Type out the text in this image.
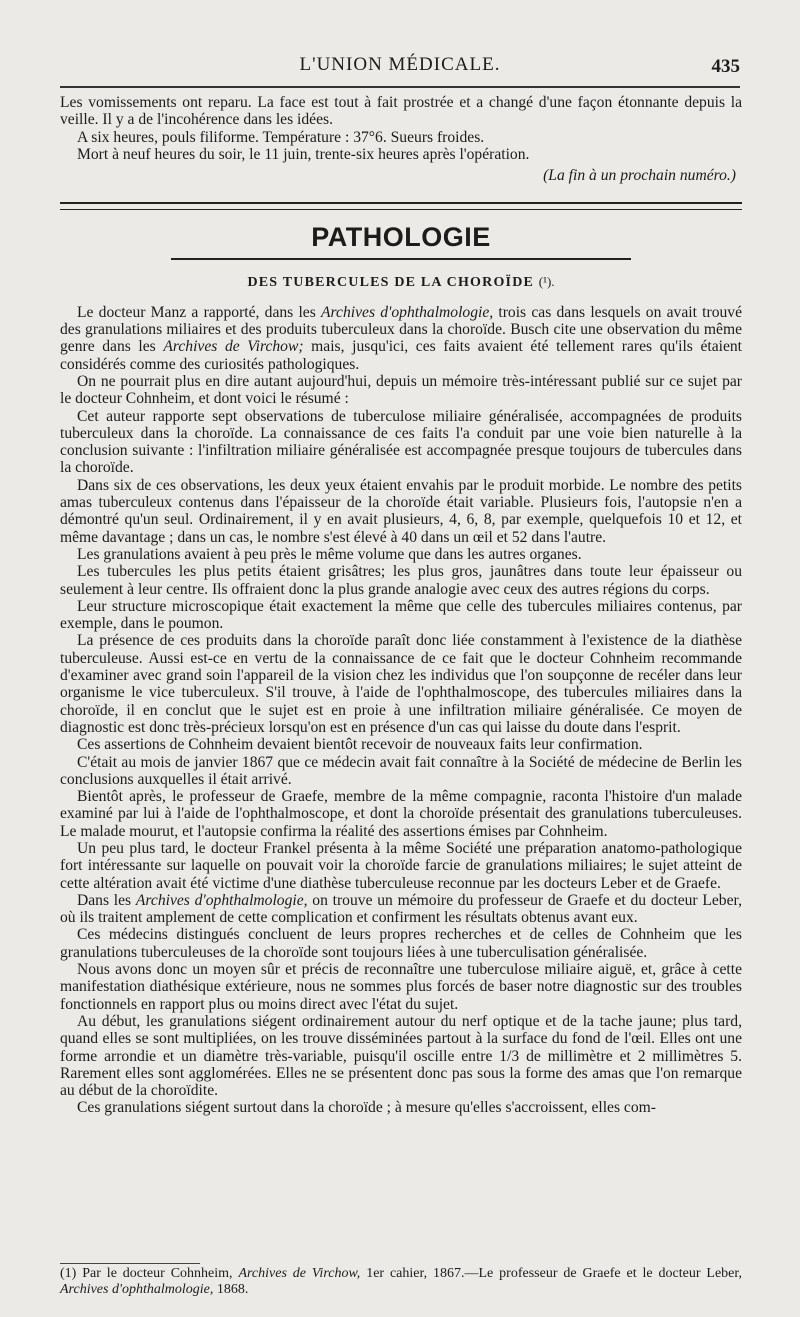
L'UNION MÉDICALE.	435

Les vomissements ont reparu. La face est tout à fait prostrée et a changé d'une façon étonnante depuis la veille. Il y a de l'incohérence dans les idées.

A six heures, pouls filiforme. Température : 37°6. Sueurs froides.

Mort à neuf heures du soir, le 11 juin, trente-six heures après l'opération.

(La fin à un prochain numéro.)
PATHOLOGIE
DES TUBERCULES DE LA CHOROÏDE (¹).

Le docteur Manz a rapporté, dans les Archives d'ophthalmologie, trois cas dans lesquels on avait trouvé des granulations miliaires et des produits tuberculeux dans la choroïde. Busch cite une observation du même genre dans les Archives de Virchow; mais, jusqu'ici, ces faits avaient été tellement rares qu'ils étaient considérés comme des curiosités pathologiques.

On ne pourrait plus en dire autant aujourd'hui, depuis un mémoire très-intéressant publié sur ce sujet par le docteur Cohnheim, et dont voici le résumé :

Cet auteur rapporte sept observations de tuberculose miliaire généralisée, accompagnées de produits tuberculeux dans la choroïde. La connaissance de ces faits l'a conduit par une voie bien naturelle à la conclusion suivante : l'infiltration miliaire généralisée est accompagnée presque toujours de tubercules dans la choroïde.

Dans six de ces observations, les deux yeux étaient envahis par le produit morbide. Le nombre des petits amas tuberculeux contenus dans l'épaisseur de la choroïde était variable. Plusieurs fois, l'autopsie n'en a démontré qu'un seul. Ordinairement, il y en avait plusieurs, 4, 6, 8, par exemple, quelquefois 10 et 12, et même davantage ; dans un cas, le nombre s'est élevé à 40 dans un œil et 52 dans l'autre.

Les granulations avaient à peu près le même volume que dans les autres organes.

Les tubercules les plus petits étaient grisâtres; les plus gros, jaunâtres dans toute leur épaisseur ou seulement à leur centre. Ils offraient donc la plus grande analogie avec ceux des autres régions du corps.

Leur structure microscopique était exactement la même que celle des tubercules miliaires contenus, par exemple, dans le poumon.

La présence de ces produits dans la choroïde paraît donc liée constamment à l'existence de la diathèse tuberculeuse. Aussi est-ce en vertu de la connaissance de ce fait que le docteur Cohnheim recommande d'examiner avec grand soin l'appareil de la vision chez les individus que l'on soupçonne de recéler dans leur organisme le vice tuberculeux. S'il trouve, à l'aide de l'ophthalmoscope, des tubercules miliaires dans la choroïde, il en conclut que le sujet est en proie à une infiltration miliaire généralisée. Ce moyen de diagnostic est donc très-précieux lorsqu'on est en présence d'un cas qui laisse du doute dans l'esprit.

Ces assertions de Cohnheim devaient bientôt recevoir de nouveaux faits leur confirmation.

C'était au mois de janvier 1867 que ce médecin avait fait connaître à la Société de médecine de Berlin les conclusions auxquelles il était arrivé.

Bientôt après, le professeur de Graefe, membre de la même compagnie, raconta l'histoire d'un malade examiné par lui à l'aide de l'ophthalmoscope, et dont la choroïde présentait des granulations tuberculeuses. Le malade mourut, et l'autopsie confirma la réalité des assertions émises par Cohnheim.

Un peu plus tard, le docteur Frankel présenta à la même Société une préparation anatomo-pathologique fort intéressante sur laquelle on pouvait voir la choroïde farcie de granulations miliaires; le sujet atteint de cette altération avait été victime d'une diathèse tuberculeuse reconnue par les docteurs Leber et de Graefe.

Dans les Archives d'ophthalmologie, on trouve un mémoire du professeur de Graefe et du docteur Leber, où ils traitent amplement de cette complication et confirment les résultats obtenus avant eux.

Ces médecins distingués concluent de leurs propres recherches et de celles de Cohnheim que les granulations tuberculeuses de la choroïde sont toujours liées à une tuberculisation généralisée.

Nous avons donc un moyen sûr et précis de reconnaître une tuberculose miliaire aiguë, et, grâce à cette manifestation diathésique extérieure, nous ne sommes plus forcés de baser notre diagnostic sur des troubles fonctionnels en rapport plus ou moins direct avec l'état du sujet.

Au début, les granulations siégent ordinairement autour du nerf optique et de la tache jaune; plus tard, quand elles se sont multipliées, on les trouve disséminées partout à la surface du fond de l'œil. Elles ont une forme arrondie et un diamètre très-variable, puisqu'il oscille entre 1/3 de millimètre et 2 millimètres 5. Rarement elles sont agglomérées. Elles ne se présentent donc pas sous la forme des amas que l'on remarque au début de la choroïdite.

Ces granulations siégent surtout dans la choroïde ; à mesure qu'elles s'accroissent, elles com-

(1) Par le docteur Cohnheim, Archives de Virchow, 1er cahier, 1867.—Le professeur de Graefe et le docteur Leber, Archives d'ophthalmologie, 1868.
